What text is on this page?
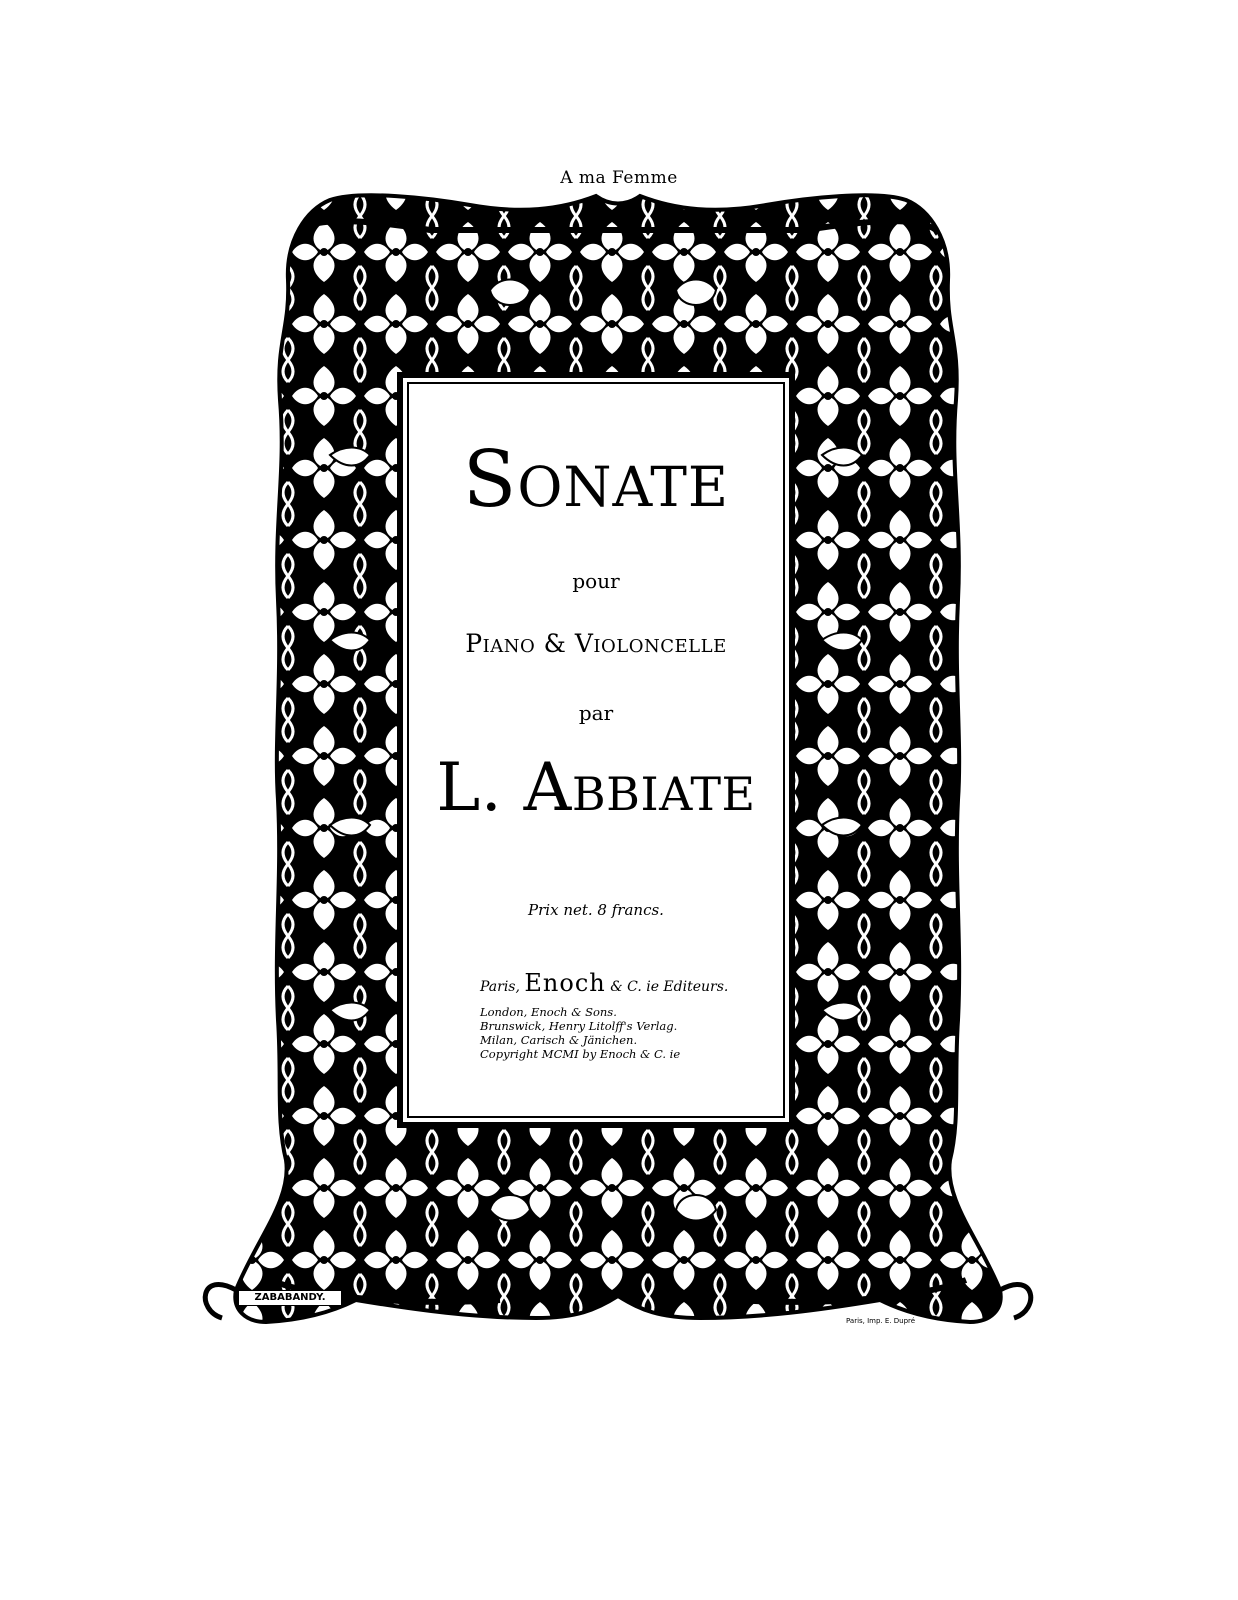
A ma Femme
Sonate
pour
Piano & Violoncelle
par
L. Abbiate
Prix net. 8 francs.
Paris, Enoch & C. ie Editeurs.
London, Enoch & Sons.
Brunswick, Henry Litolff's Verlag.
Milan, Carisch & Jänichen.
Copyright MCMI by Enoch & C. ie
ZABABANDY.
Paris, Imp. E. Dupré
